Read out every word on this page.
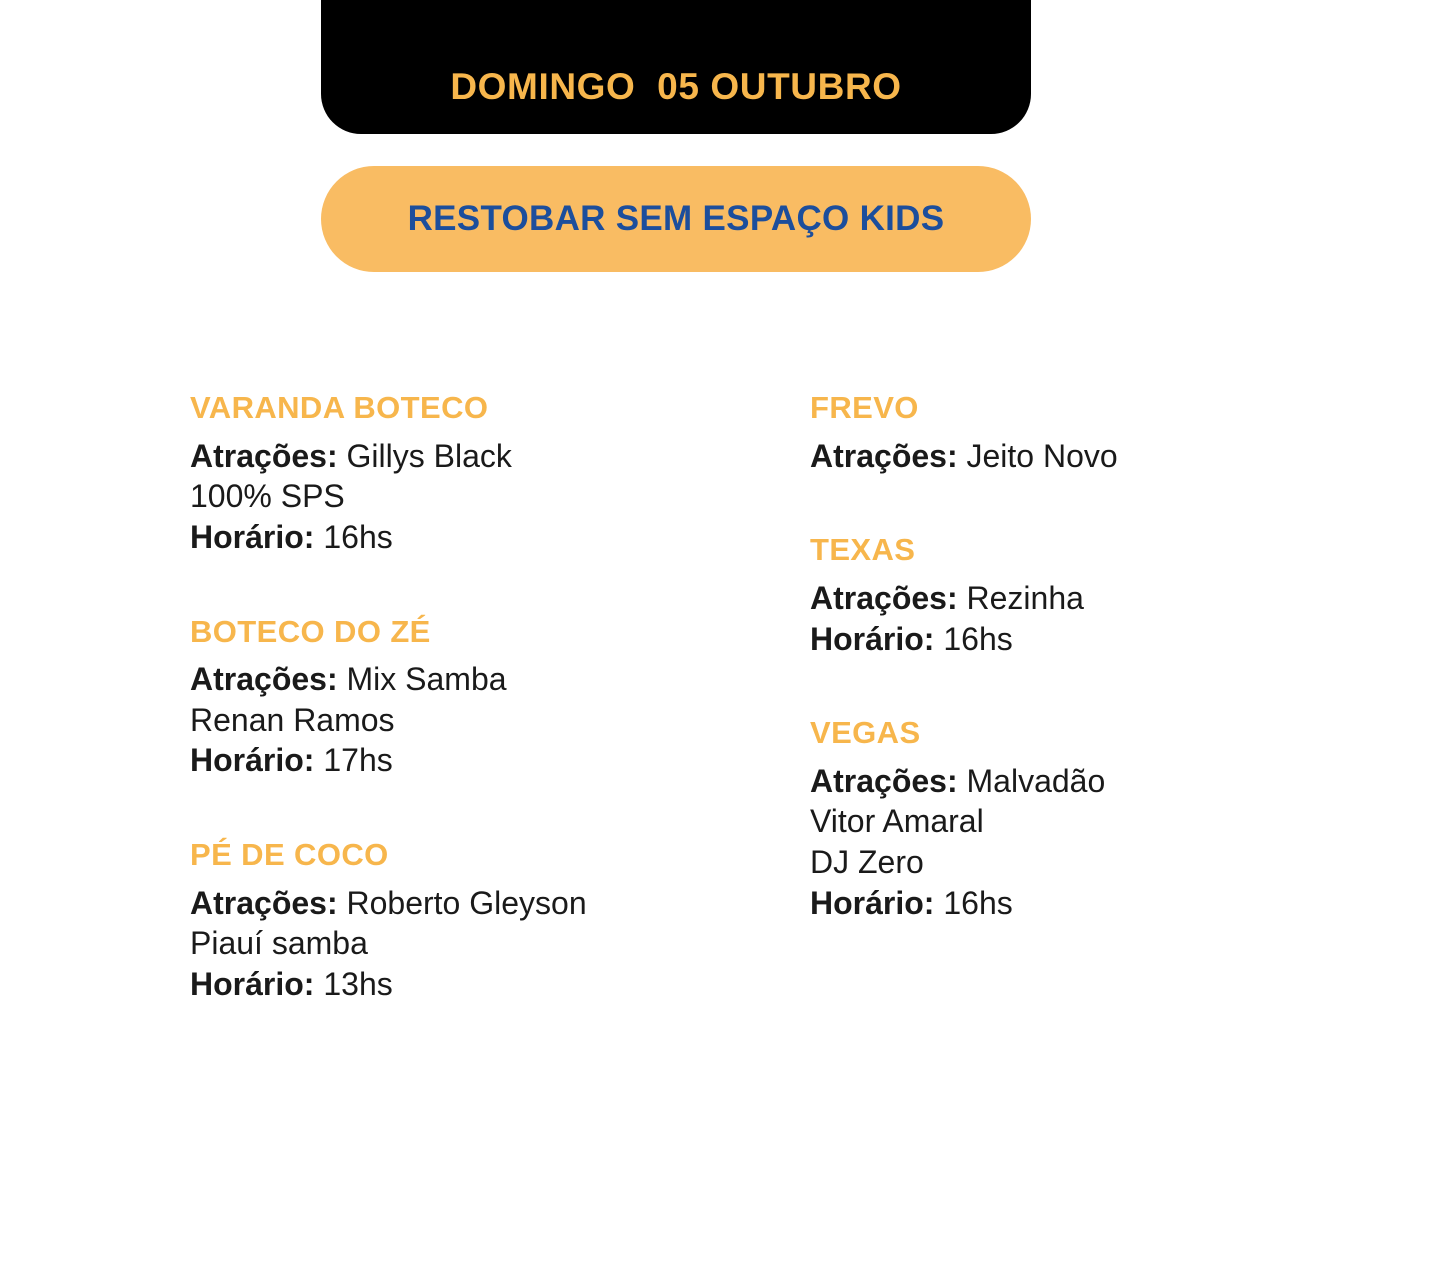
DOMINGO  05 OUTUBRO
RESTOBAR SEM ESPAÇO KIDS
VARANDA BOTECO

Atrações: Gillys Black

100% SPS

Horário: 16hs

BOTECO DO ZÉ

Atrações: Mix Samba

Renan Ramos

Horário: 17hs

PÉ DE COCO

Atrações: Roberto Gleyson

Piauí samba

Horário: 13hs

FREVO

Atrações: Jeito Novo

TEXAS

Atrações: Rezinha

Horário: 16hs

VEGAS

Atrações: Malvadão

Vitor Amaral

DJ Zero

Horário: 16hs
